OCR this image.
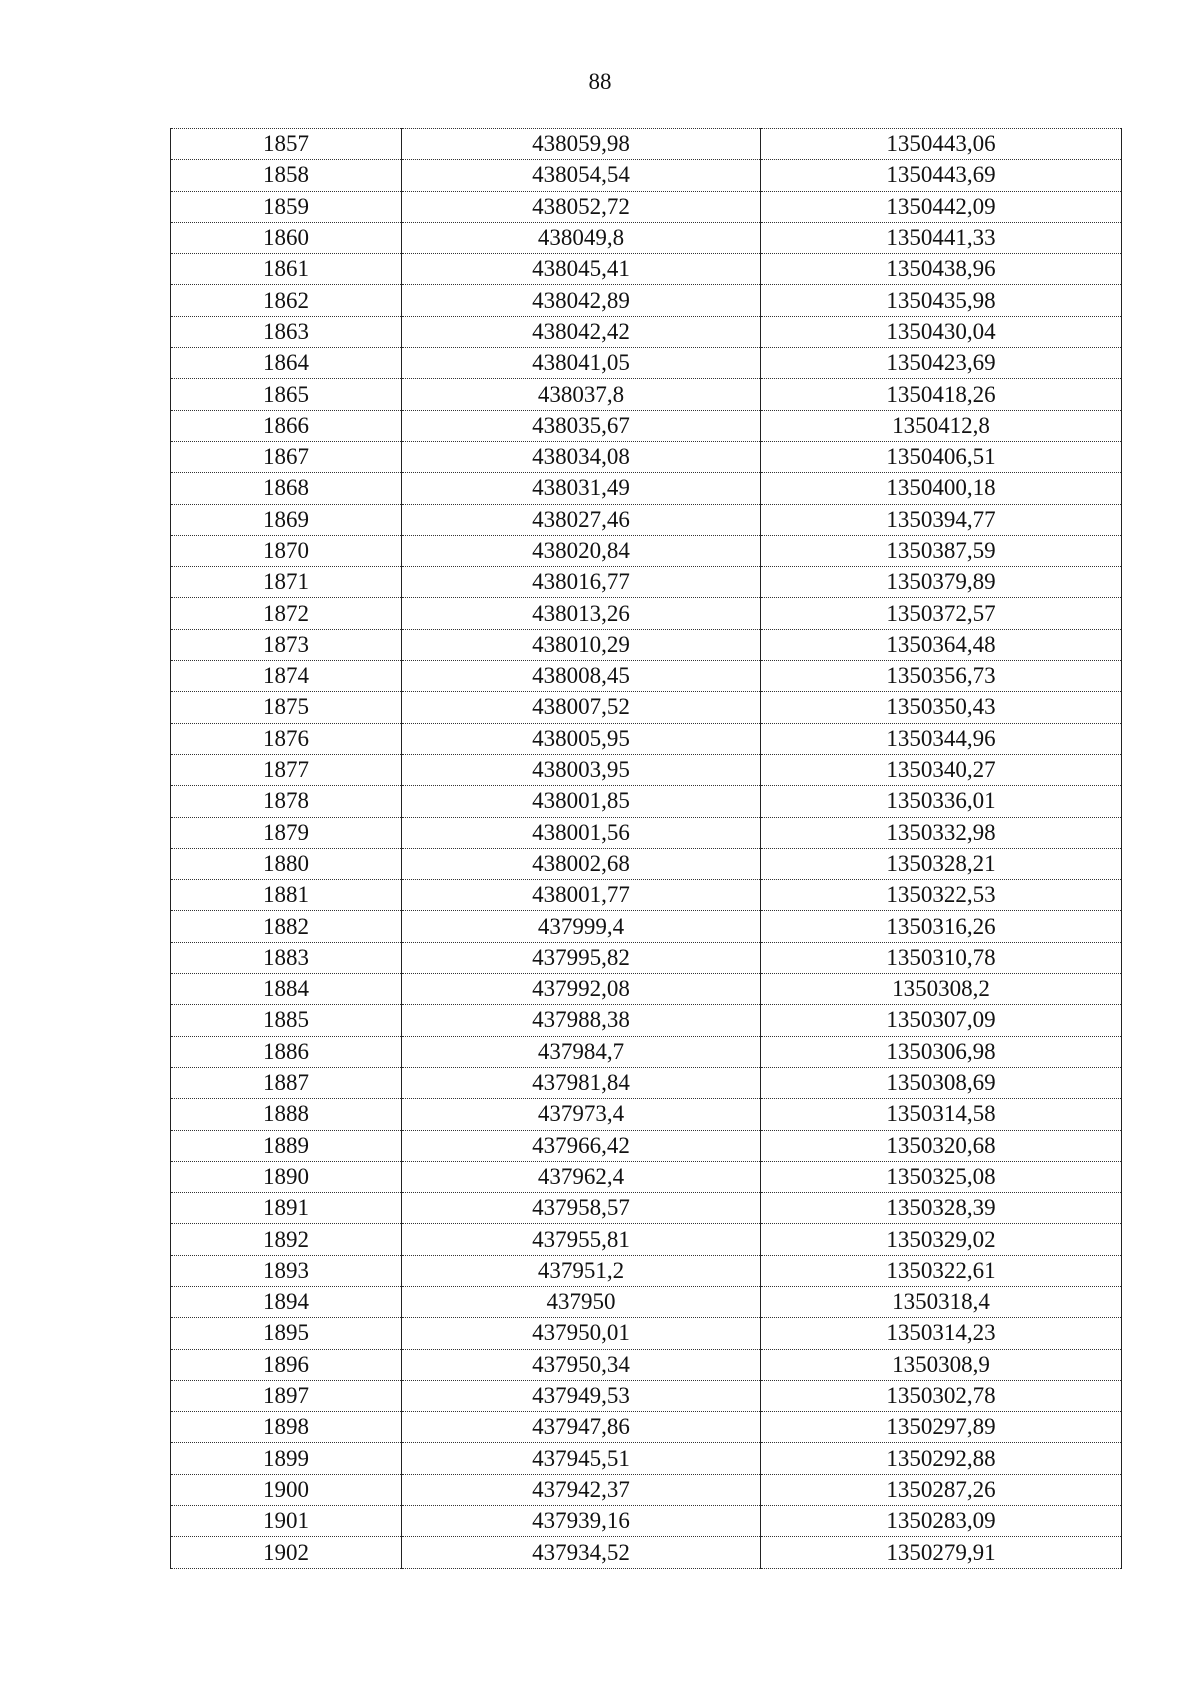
88
1857	438059,98	1350443,06
1858	438054,54	1350443,69
1859	438052,72	1350442,09
1860	438049,8	1350441,33
1861	438045,41	1350438,96
1862	438042,89	1350435,98
1863	438042,42	1350430,04
1864	438041,05	1350423,69
1865	438037,8	1350418,26
1866	438035,67	1350412,8
1867	438034,08	1350406,51
1868	438031,49	1350400,18
1869	438027,46	1350394,77
1870	438020,84	1350387,59
1871	438016,77	1350379,89
1872	438013,26	1350372,57
1873	438010,29	1350364,48
1874	438008,45	1350356,73
1875	438007,52	1350350,43
1876	438005,95	1350344,96
1877	438003,95	1350340,27
1878	438001,85	1350336,01
1879	438001,56	1350332,98
1880	438002,68	1350328,21
1881	438001,77	1350322,53
1882	437999,4	1350316,26
1883	437995,82	1350310,78
1884	437992,08	1350308,2
1885	437988,38	1350307,09
1886	437984,7	1350306,98
1887	437981,84	1350308,69
1888	437973,4	1350314,58
1889	437966,42	1350320,68
1890	437962,4	1350325,08
1891	437958,57	1350328,39
1892	437955,81	1350329,02
1893	437951,2	1350322,61
1894	437950	1350318,4
1895	437950,01	1350314,23
1896	437950,34	1350308,9
1897	437949,53	1350302,78
1898	437947,86	1350297,89
1899	437945,51	1350292,88
1900	437942,37	1350287,26
1901	437939,16	1350283,09
1902	437934,52	1350279,91
